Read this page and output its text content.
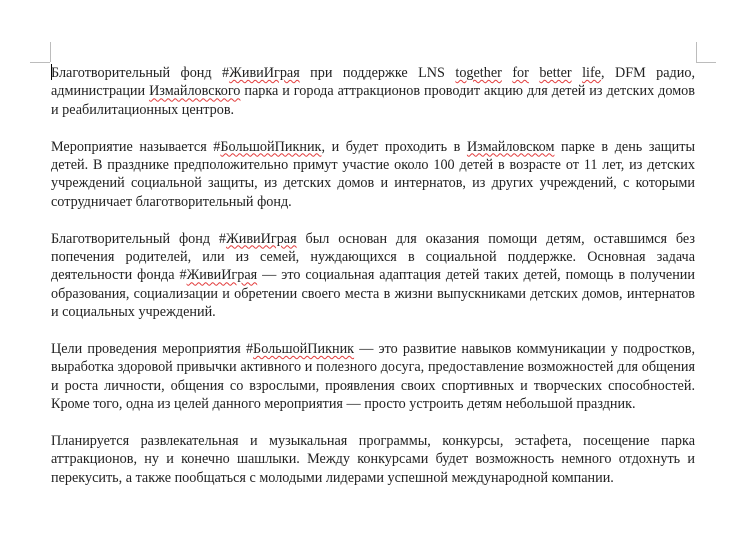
Благотворительный фонд #ЖивиИграя при поддержке LNS together for better life, DFM радио, администрации Измайловского парка и города аттракционов проводит акцию для детей из детских домов и реабилитационных центров.

Мероприятие называется #БольшойПикник, и будет проходить в Измайловском парке в день защиты детей. В празднике предположительно примут участие около 100 детей в возрасте от 11 лет, из детских учреждений социальной защиты, из детских домов и интернатов, из других учреждений, с которыми сотрудничает благотворительный фонд.

Благотворительный фонд #ЖивиИграя был основан для оказания помощи детям, оставшимся без попечения родителей, или из семей, нуждающихся в социальной поддержке. Основная задача деятельности фонда #ЖивиИграя — это социальная адаптация детей таких детей, помощь в получении образования, социализации и обретении своего места в жизни выпускниками детских домов, интернатов и социальных учреждений.

Цели проведения мероприятия #БольшойПикник — это развитие навыков коммуникации у подростков, выработка здоровой привычки активного и полезного досуга, предоставление возможностей для общения и роста личности, общения со взрослыми, проявления своих спортивных и творческих способностей. Кроме того, одна из целей данного мероприятия — просто устроить детям небольшой праздник.

Планируется развлекательная и музыкальная программы, конкурсы, эстафета, посещение парка аттракционов, ну и конечно шашлыки. Между конкурсами будет возможность немного отдохнуть и перекусить, а также пообщаться с молодыми лидерами успешной международной компании.
